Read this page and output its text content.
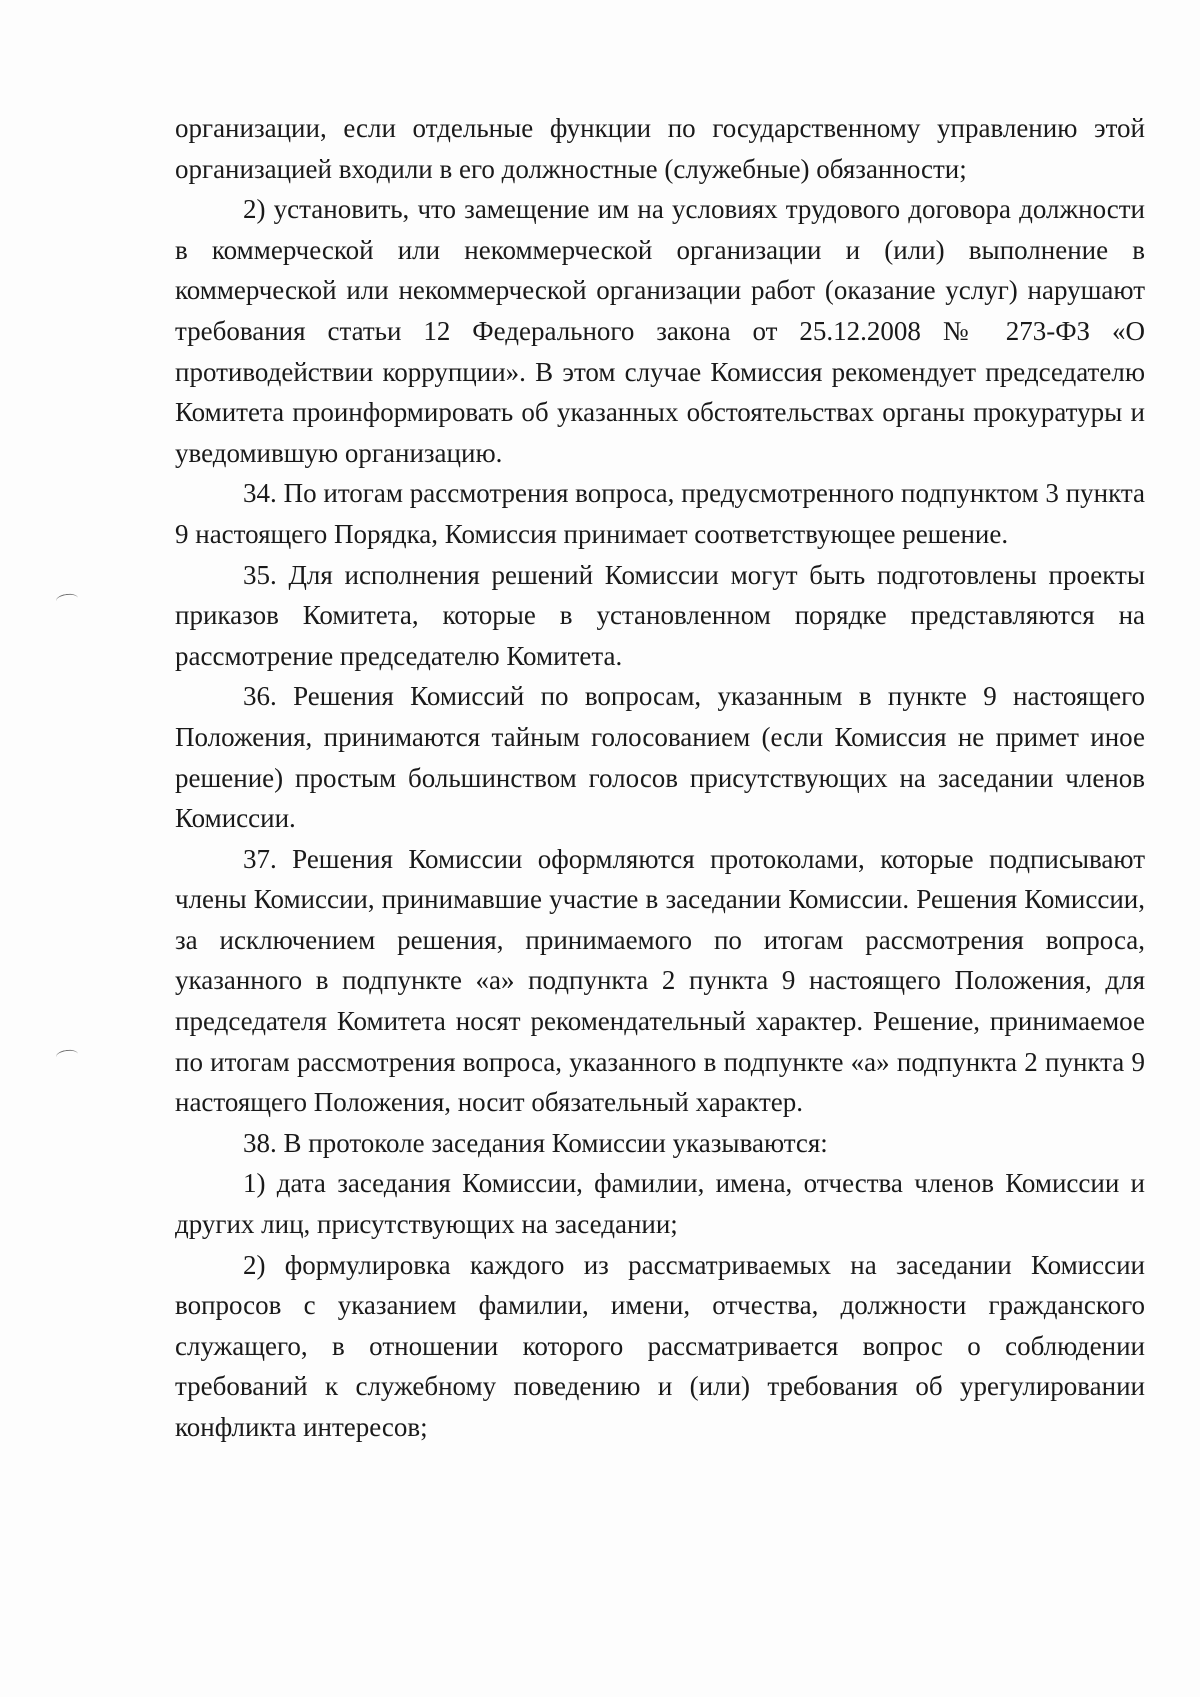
организации, если отдельные функции по государственному управлению этой организацией входили в его должностные (служебные) обязанности;

2) установить, что замещение им на условиях трудового договора должности в коммерческой или некоммерческой организации и (или) выполнение в коммерческой или некоммерческой организации работ (оказание услуг) нарушают требования статьи 12 Федерального закона от 25.12.2008 № 273-ФЗ «О противодействии коррупции». В этом случае Комиссия рекомендует председателю Комитета проинформировать об указанных обстоятельствах органы прокуратуры и уведомившую организацию.

34. По итогам рассмотрения вопроса, предусмотренного подпунктом 3 пункта 9 настоящего Порядка, Комиссия принимает соответствующее решение.

35. Для исполнения решений Комиссии могут быть подготовлены проекты приказов Комитета, которые в установленном порядке представляются на рассмотрение председателю Комитета.

36. Решения Комиссий по вопросам, указанным в пункте 9 настоящего Положения, принимаются тайным голосованием (если Комиссия не примет иное решение) простым большинством голосов присутствующих на заседании членов Комиссии.

37. Решения Комиссии оформляются протоколами, которые подписывают члены Комиссии, принимавшие участие в заседании Комиссии. Решения Комиссии, за исключением решения, принимаемого по итогам рассмотрения вопроса, указанного в подпункте «а» подпункта 2 пункта 9 настоящего Положения, для председателя Комитета носят рекомендательный характер. Решение, принимаемое по итогам рассмотрения вопроса, указанного в подпункте «а» подпункта 2 пункта 9 настоящего Положения, носит обязательный характер.

38. В протоколе заседания Комиссии указываются:

1) дата заседания Комиссии, фамилии, имена, отчества членов Комиссии и других лиц, присутствующих на заседании;

2) формулировка каждого из рассматриваемых на заседании Комиссии вопросов с указанием фамилии, имени, отчества, должности гражданского служащего, в отношении которого рассматривается вопрос о соблюдении требований к служебному поведению и (или) требования об урегулировании конфликта интересов;
